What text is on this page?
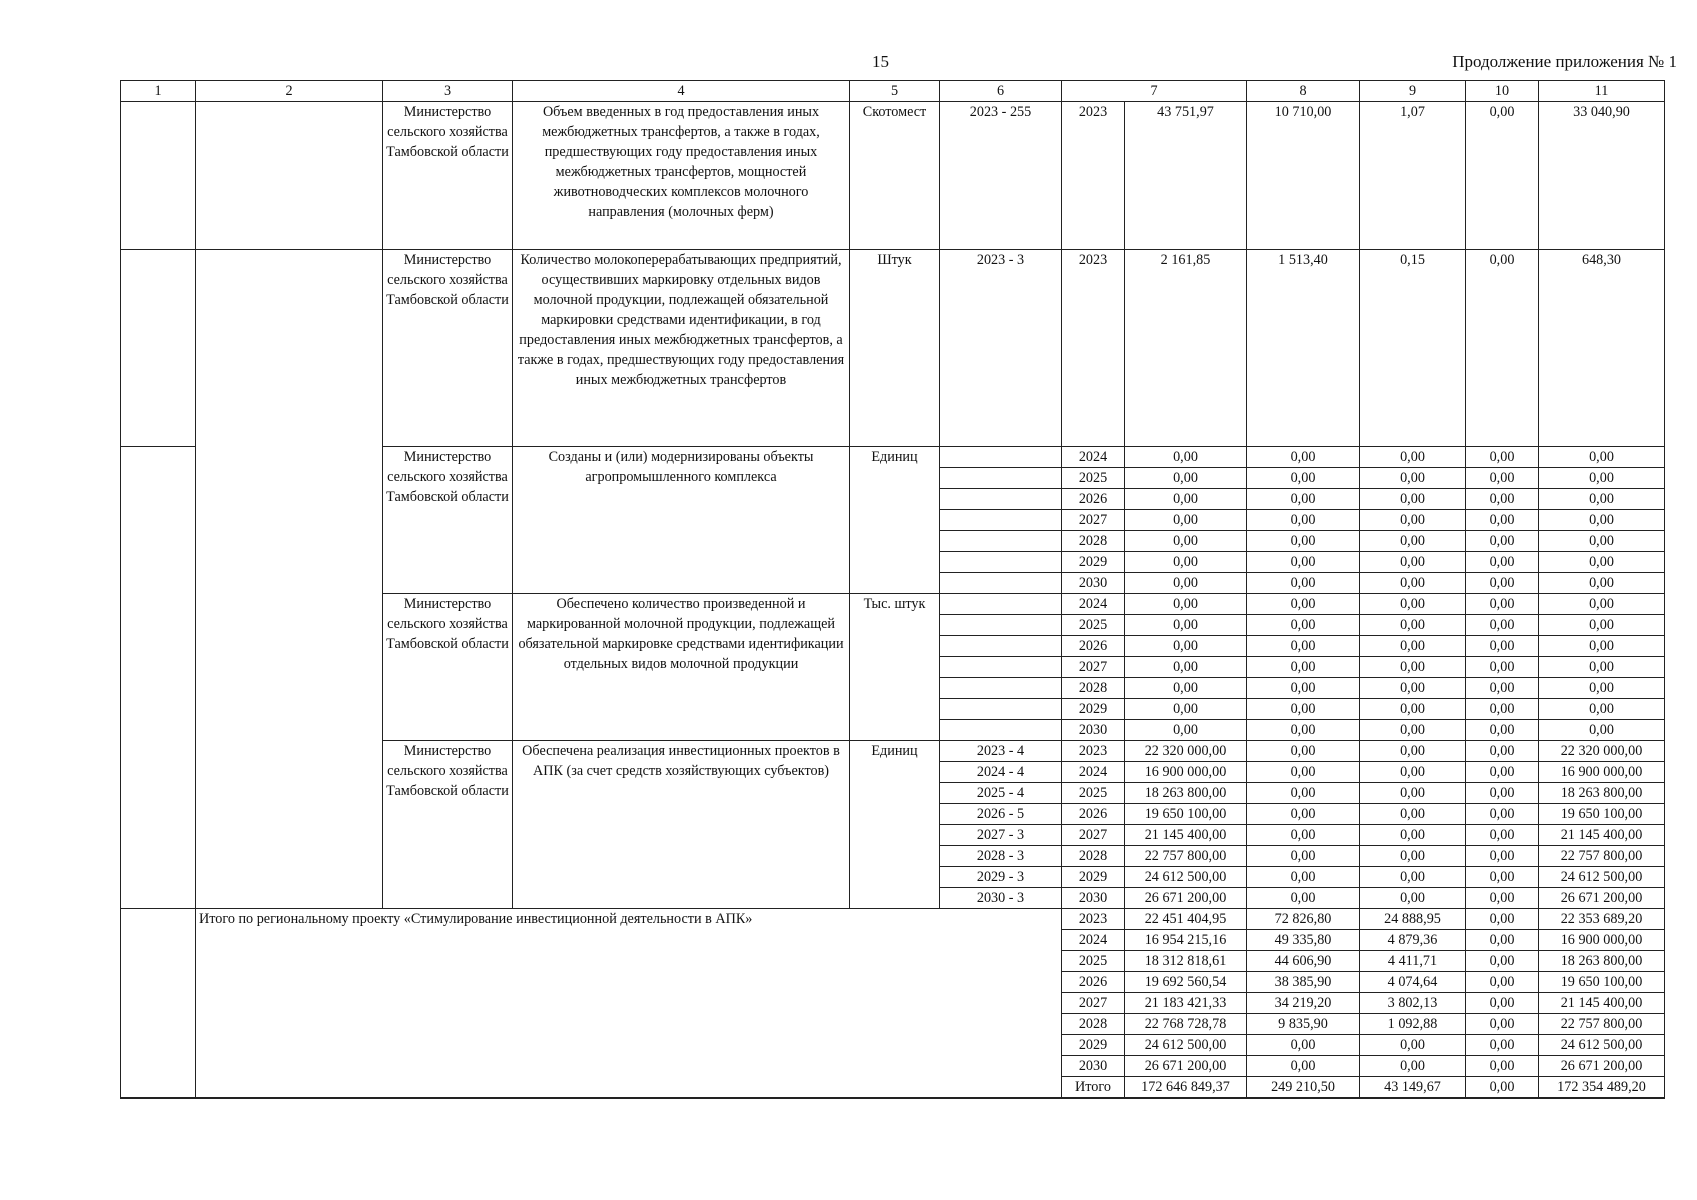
15	Продолжение приложения № 1
1	2	3	4	5	6	7		8	9	10	11
		Министерство сельского хозяйства Тамбовской области	Объем введенных в год предоставления иных межбюджетных трансфертов, а также в годах, предшествующих году предоставления иных межбюджетных трансфертов, мощностей животноводческих комплексов молочного направления (молочных ферм)	Скотомест	2023 - 255	2023	43 751,97	10 710,00	1,07	0,00	33 040,90
		Министерство сельского хозяйства Тамбовской области	Количество молокоперерабатывающих предприятий, осуществивших маркировку отдельных видов молочной продукции, подлежащей обязательной маркировки средствами идентификации, в год предоставления иных межбюджетных трансфертов, а также в годах, предшествующих году предоставления иных межбюджетных трансфертов	Штук	2023 - 3	2023	2 161,85	1 513,40	0,15	0,00	648,30
		Министерство сельского хозяйства Тамбовской области	Созданы и (или) модернизированы объекты агропромышленного комплекса	Единиц		2024	0,00	0,00	0,00	0,00	0,00
						2025	0,00	0,00	0,00	0,00	0,00
						2026	0,00	0,00	0,00	0,00	0,00
						2027	0,00	0,00	0,00	0,00	0,00
						2028	0,00	0,00	0,00	0,00	0,00
						2029	0,00	0,00	0,00	0,00	0,00
						2030	0,00	0,00	0,00	0,00	0,00
		Министерство сельского хозяйства Тамбовской области	Обеспечено количество произведенной и маркированной молочной продукции, подлежащей обязательной маркировке средствами идентификации отдельных видов молочной продукции	Тыс. штук		2024	0,00	0,00	0,00	0,00	0,00
						2025	0,00	0,00	0,00	0,00	0,00
						2026	0,00	0,00	0,00	0,00	0,00
						2027	0,00	0,00	0,00	0,00	0,00
						2028	0,00	0,00	0,00	0,00	0,00
						2029	0,00	0,00	0,00	0,00	0,00
						2030	0,00	0,00	0,00	0,00	0,00
		Министерство сельского хозяйства Тамбовской области	Обеспечена реализация инвестиционных проектов в АПК (за счет средств хозяйствующих субъектов)	Единиц	2023 - 4	2023	22 320 000,00	0,00	0,00	0,00	22 320 000,00
					2024 - 4	2024	16 900 000,00	0,00	0,00	0,00	16 900 000,00
					2025 - 4	2025	18 263 800,00	0,00	0,00	0,00	18 263 800,00
					2026 - 5	2026	19 650 100,00	0,00	0,00	0,00	19 650 100,00
					2027 - 3	2027	21 145 400,00	0,00	0,00	0,00	21 145 400,00
					2028 - 3	2028	22 757 800,00	0,00	0,00	0,00	22 757 800,00
					2029 - 3	2029	24 612 500,00	0,00	0,00	0,00	24 612 500,00
					2030 - 3	2030	26 671 200,00	0,00	0,00	0,00	26 671 200,00
	Итого по региональному проекту «Стимулирование инвестиционной деятельности в АПК»					2023	22 451 404,95	72 826,80	24 888,95	0,00	22 353 689,20
						2024	16 954 215,16	49 335,80	4 879,36	0,00	16 900 000,00
						2025	18 312 818,61	44 606,90	4 411,71	0,00	18 263 800,00
						2026	19 692 560,54	38 385,90	4 074,64	0,00	19 650 100,00
						2027	21 183 421,33	34 219,20	3 802,13	0,00	21 145 400,00
						2028	22 768 728,78	9 835,90	1 092,88	0,00	22 757 800,00
						2029	24 612 500,00	0,00	0,00	0,00	24 612 500,00
						2030	26 671 200,00	0,00	0,00	0,00	26 671 200,00
						Итого	172 646 849,37	249 210,50	43 149,67	0,00	172 354 489,20
